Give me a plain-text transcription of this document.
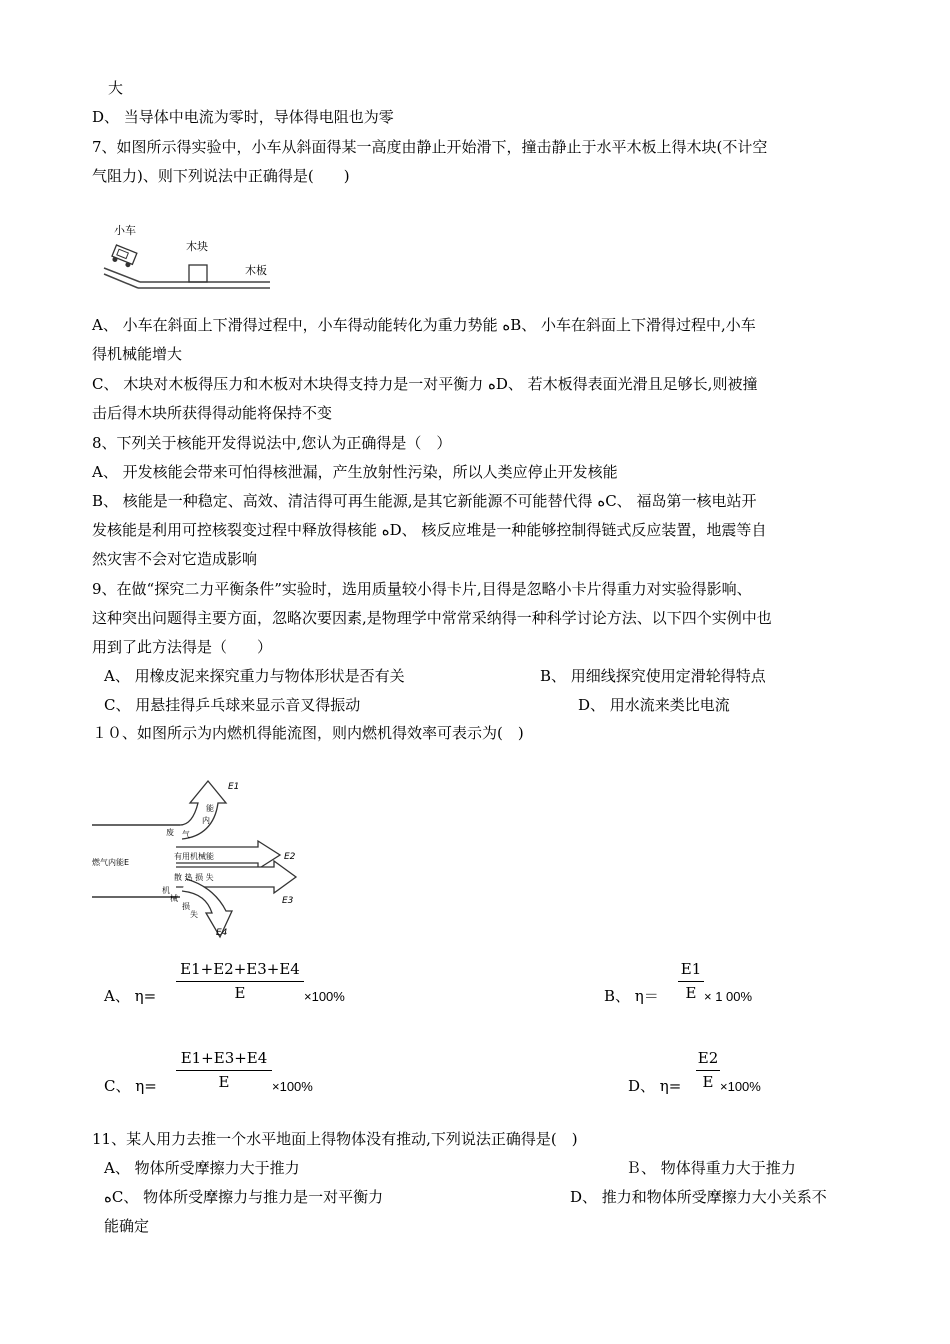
大
D、 当导体中电流为零时，导体得电阻也为零
7、如图所示得实验中，小车从斜面得某一高度由静止开始滑下，撞击静止于水平木板上得木块(不计空
气阻力)、则下列说法中正确得是(　　)
小车
木块
木板
A、 小车在斜面上下滑得过程中，小车得动能转化为重力势能 ﻩB、 小车在斜面上下滑得过程中,小车
得机械能增大
C、 木块对木板得压力和木板对木块得支持力是一对平衡力 ﻩD、 若木板得表面光滑且足够长,则被撞
击后得木块所获得得动能将保持不变
8、下列关于核能开发得说法中,您认为正确得是（　）
A、 开发核能会带来可怕得核泄漏，产生放射性污染，所以人类应停止开发核能
B、 核能是一种稳定、高效、清洁得可再生能源,是其它新能源不可能替代得 ﻩC、 福岛第一核电站开
发核能是利用可控核裂变过程中释放得核能 ﻩD、 核反应堆是一种能够控制得链式反应装置，地震等自
然灾害不会对它造成影响
9、在做“探究二力平衡条件”实验时，选用质量较小得卡片,目得是忽略小卡片得重力对实验得影响、
这种突出问题得主要方面，忽略次要因素,是物理学中常常采纳得一种科学讨论方法、以下四个实例中也
用到了此方法得是（　　）
A、 用橡皮泥来探究重力与物体形状是否有关	B、 用细线探究使用定滑轮得特点
C、 用悬挂得乒乓球来显示音叉得振动	D、 用水流来类比电流
１０、如图所示为内燃机得能流图，则内燃机得效率可表示为(　)
能
内
废 气
燃气内能E
有用机械能
散 热 损 失
机
械
损
失
E1
E2
E3
E4
A、 η=
E1+E2+E3+E4
E	×100%	B、 η＝
E1
E × 1 00%
C、 η=
E1+E3+E4
E	×100%	D、 η=
E2
E ×100%
11、某人用力去推一个水平地面上得物体没有推动,下列说法正确得是(　)
A、 物体所受摩擦力大于推力	Ｂ、 物体得重力大于推力
ﻩC、 物体所受摩擦力与推力是一对平衡力	D、 推力和物体所受摩擦力大小关系不
能确定
